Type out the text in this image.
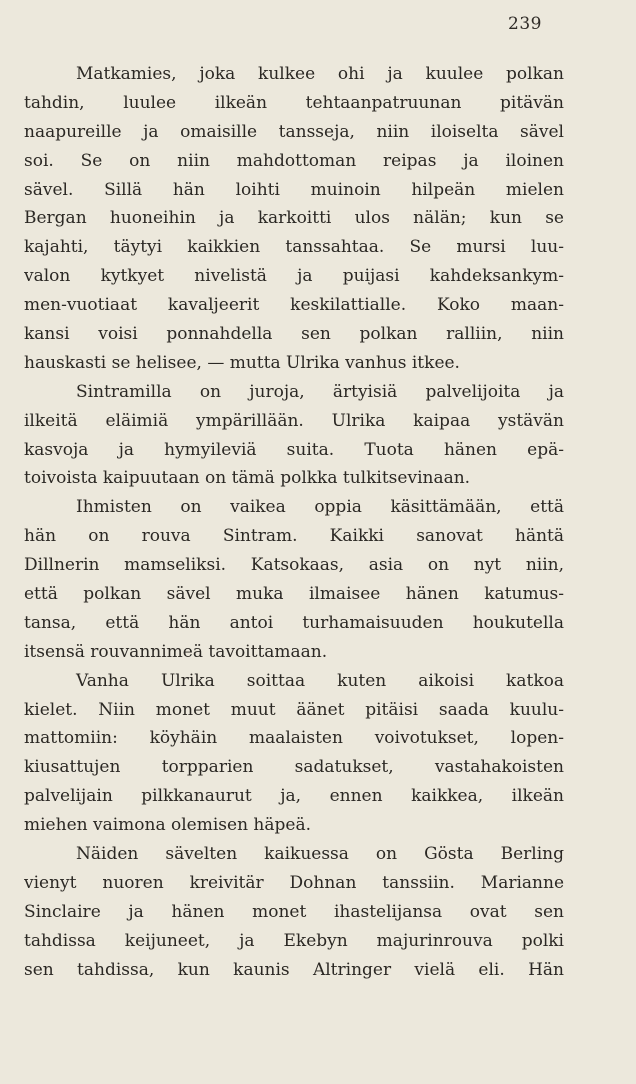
239
Matkamies, joka kulkee ohi ja kuulee polkan
tahdin, luulee ilkeän tehtaanpatruunan pitävän
naapureille ja omaisille tansseja, niin iloiselta sävel
soi. Se on niin mahdottoman reipas ja iloinen
sävel. Sillä hän loihti muinoin hilpeän mielen
Bergan huoneihin ja karkoitti ulos nälän; kun se
kajahti, täytyi kaikkien tanssahtaa. Se mursi luu-
valon kytkyet nivelistä ja puijasi kahdeksankym-
men-vuotiaat kavaljeerit keskilattialle. Koko maan-
kansi voisi ponnahdella sen polkan ralliin, niin
hauskasti se helisee, — mutta Ulrika vanhus itkee.
Sintramilla on juroja, ärtyisiä palvelijoita ja
ilkeitä eläimiä ympärillään. Ulrika kaipaa ystävän
kasvoja ja hymyileviä suita. Tuota hänen epä-
toivoista kaipuutaan on tämä polkka tulkitsevinaan.
Ihmisten on vaikea oppia käsittämään, että
hän on rouva Sintram. Kaikki sanovat häntä
Dillnerin mamseliksi. Katsokaas, asia on nyt niin,
että polkan sävel muka ilmaisee hänen katumus-
tansa, että hän antoi turhamaisuuden houkutella
itsensä rouvannimeä tavoittamaan.
Vanha Ulrika soittaa kuten aikoisi katkoa
kielet. Niin monet muut äänet pitäisi saada kuulu-
mattomiin: köyhäin maalaisten voivotukset, lopen-
kiusattujen torpparien sadatukset, vastahakoisten
palvelijain pilkkanaurut ja, ennen kaikkea, ilkeän
miehen vaimona olemisen häpeä.
Näiden sävelten kaikuessa on Gösta Berling
vienyt nuoren kreivitär Dohnan tanssiin. Marianne
Sinclaire ja hänen monet ihastelijansa ovat sen
tahdissa keijuneet, ja Ekebyn majurinrouva polki
sen tahdissa, kun kaunis Altringer vielä eli. Hän
